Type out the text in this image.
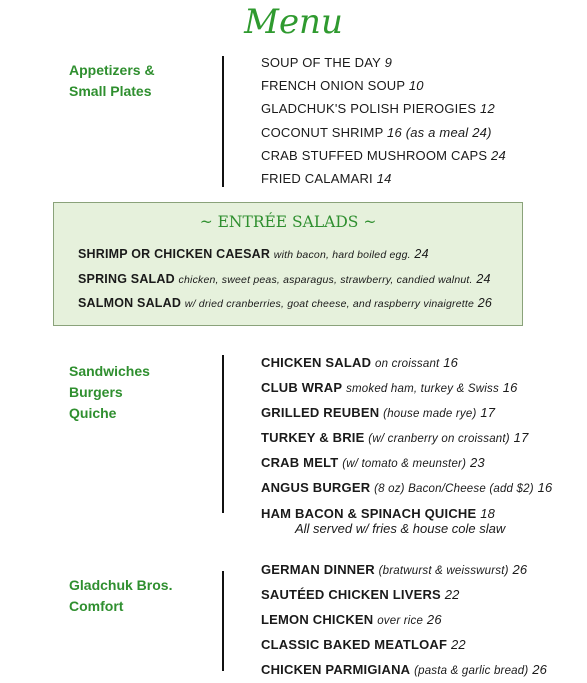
Menu
Appetizers &
Small Plates
SOUP OF THE DAY 9
FRENCH ONION SOUP 10
GLADCHUK'S POLISH PIEROGIES 12
COCONUT SHRIMP 16 (as a meal 24)
CRAB STUFFED MUSHROOM CAPS 24
FRIED CALAMARI 14
~ ENTRÉE SALADS ~
SHRIMP OR CHICKEN CAESAR with bacon, hard boiled egg. 24
SPRING SALAD chicken, sweet peas, asparagus, strawberry, candied walnut. 24
SALMON SALAD w/ dried cranberries, goat cheese, and raspberry vinaigrette 26
Sandwiches
Burgers
Quiche
CHICKEN SALAD on croissant 16
CLUB WRAP smoked ham, turkey & Swiss 16
GRILLED REUBEN (house made rye) 17
TURKEY & BRIE (w/ cranberry on croissant) 17
CRAB MELT (w/ tomato & meunster) 23
ANGUS BURGER (8 oz) Bacon/Cheese (add $2) 16
HAM BACON & SPINACH QUICHE 18
All served w/ fries & house cole slaw
Gladchuk Bros.
Comfort
GERMAN DINNER (bratwurst & weisswurst) 26
SAUTÉED CHICKEN LIVERS 22
LEMON CHICKEN over rice 26
CLASSIC BAKED MEATLOAF 22
CHICKEN PARMIGIANA (pasta & garlic bread) 26
